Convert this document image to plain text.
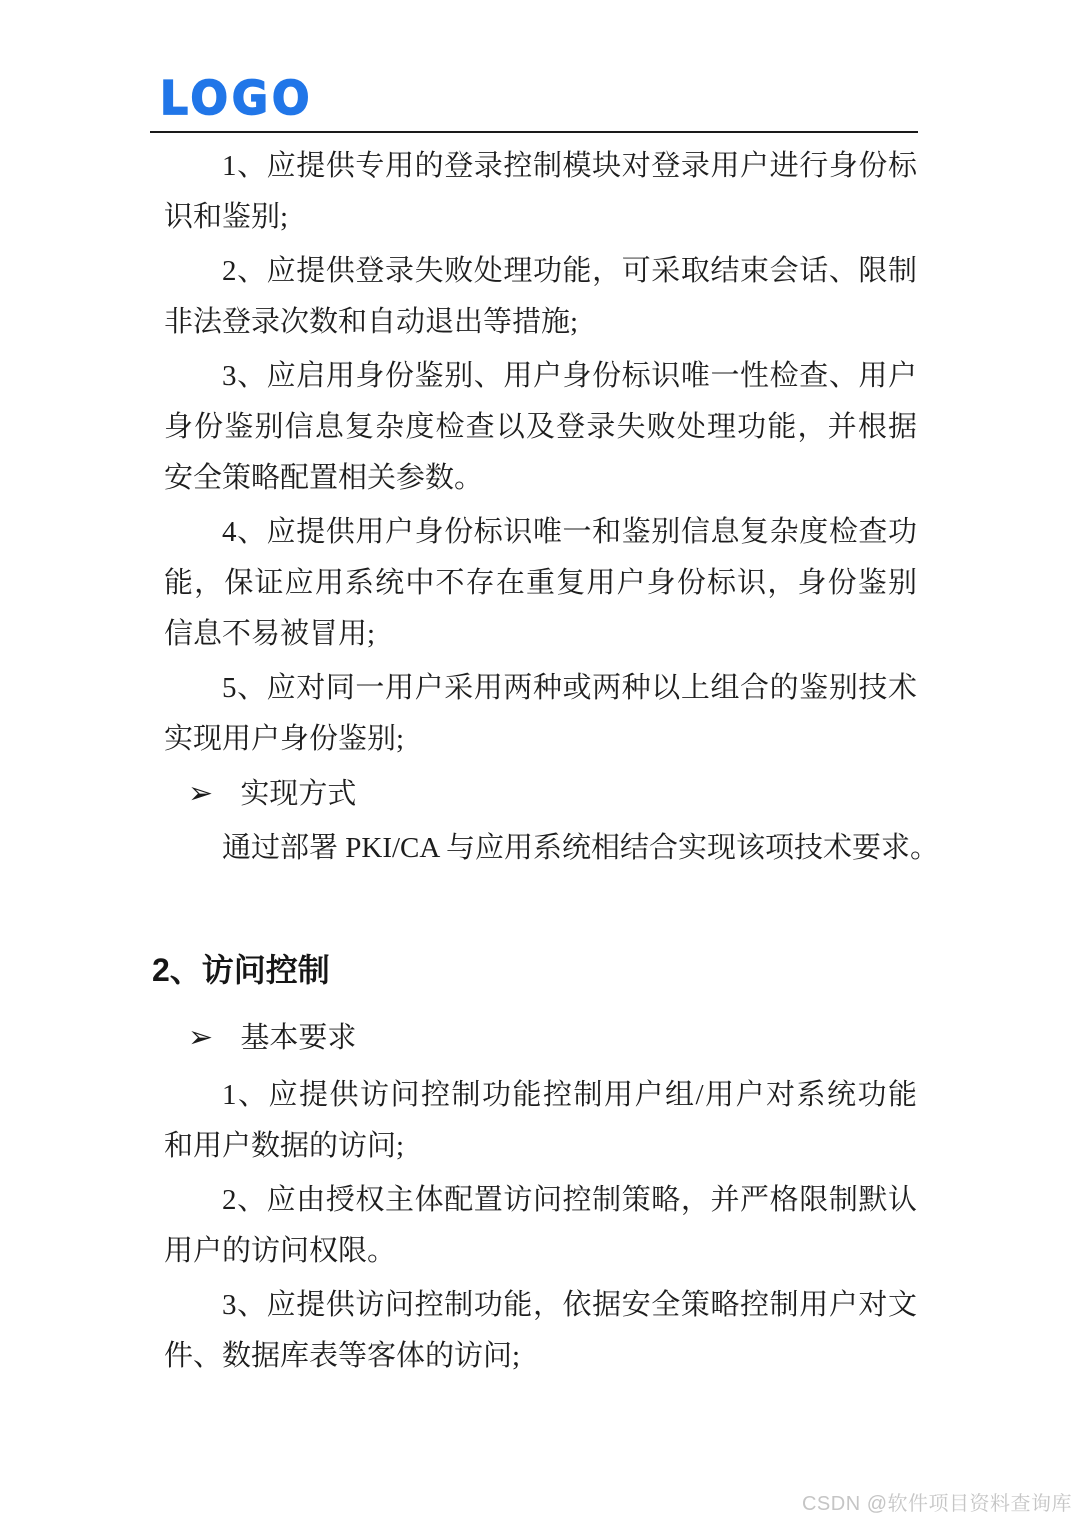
LOGO

1、应提供专用的登录控制模块对登录用户进行身份标
识和鉴别;

2、应提供登录失败处理功能，可采取结束会话、限制
非法登录次数和自动退出等措施;

3、应启用身份鉴别、用户身份标识唯一性检查、用户
身份鉴别信息复杂度检查以及登录失败处理功能，并根据
安全策略配置相关参数。

4、应提供用户身份标识唯一和鉴别信息复杂度检查功
能，保证应用系统中不存在重复用户身份标识，身份鉴别
信息不易被冒用;

5、应对同一用户采用两种或两种以上组合的鉴别技术
实现用户身份鉴别;

➢ 实现方式

通过部署 PKI/CA 与应用系统相结合实现该项技术要求。

2、访问控制
➢ 基本要求

1、应提供访问控制功能控制用户组/用户对系统功能
和用户数据的访问;

2、应由授权主体配置访问控制策略，并严格限制默认
用户的访问权限。

3、应提供访问控制功能，依据安全策略控制用户对文
件、数据库表等客体的访问;

CSDN @软件项目资料查询库
